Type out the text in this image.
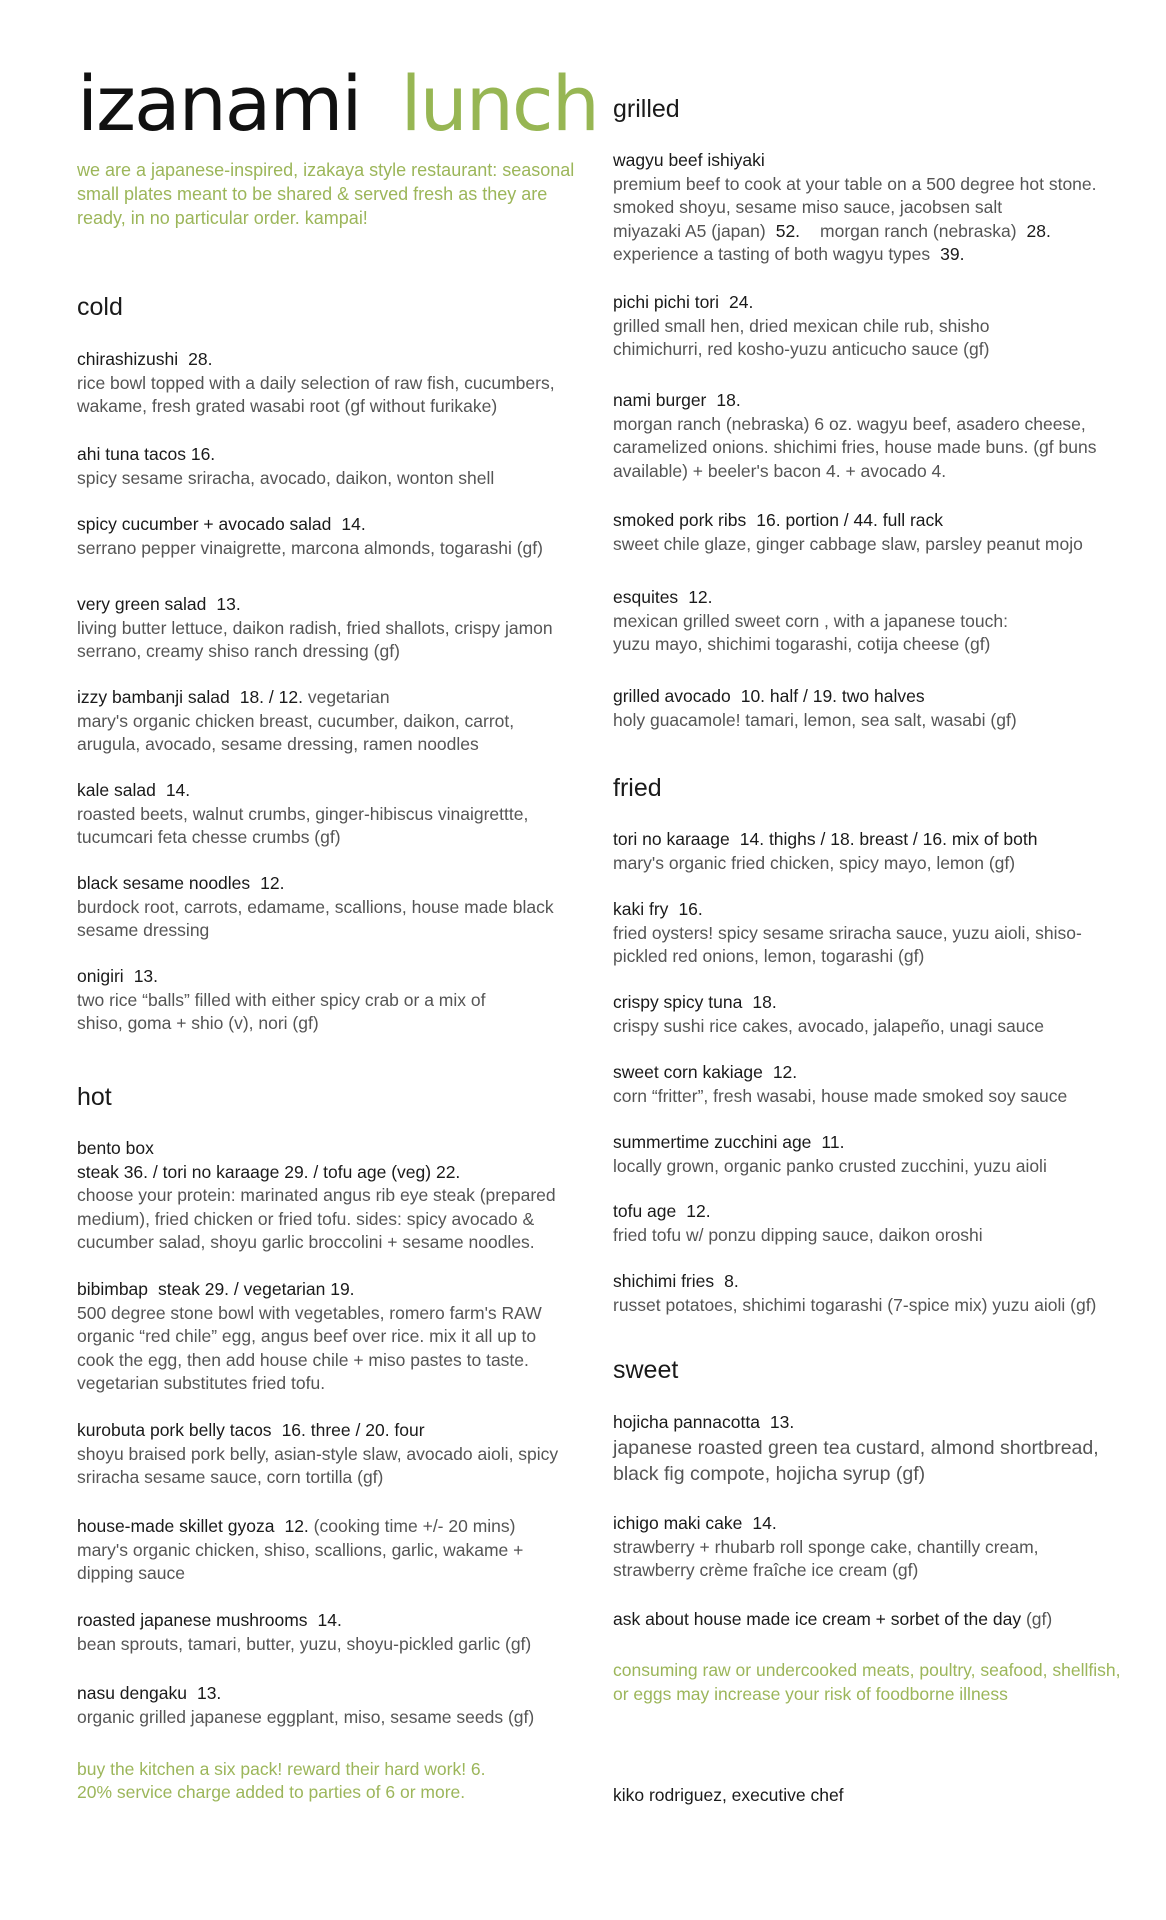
izanami lunch
we are a japanese-inspired, izakaya style restaurant: seasonal small plates meant to be shared & served fresh as they are ready, in no particular order. kampai!
cold
chirashizushi 28.
rice bowl topped with a daily selection of raw fish, cucumbers, wakame, fresh grated wasabi root (gf without furikake)
ahi tuna tacos 16.
spicy sesame sriracha, avocado, daikon, wonton shell
spicy cucumber + avocado salad 14.
serrano pepper vinaigrette, marcona almonds, togarashi (gf)
very green salad 13.
living butter lettuce, daikon radish, fried shallots, crispy jamon serrano, creamy shiso ranch dressing (gf)
izzy bambanji salad 18. / 12. vegetarian
mary's organic chicken breast, cucumber, daikon, carrot, arugula, avocado, sesame dressing, ramen noodles
kale salad 14.
roasted beets, walnut crumbs, ginger-hibiscus vinaigrettte, tucumcari feta chesse crumbs (gf)
black sesame noodles 12.
burdock root, carrots, edamame, scallions, house made black sesame dressing
onigiri 13.
two rice “balls” filled with either spicy crab or a mix of shiso, goma + shio (v), nori (gf)
hot
bento box
steak 36. / tori no karaage 29. / tofu age (veg) 22.
choose your protein: marinated angus rib eye steak (prepared medium), fried chicken or fried tofu. sides: spicy avocado & cucumber salad, shoyu garlic broccolini + sesame noodles.
bibimbap steak 29. / vegetarian 19.
500 degree stone bowl with vegetables, romero farm's RAW organic “red chile” egg, angus beef over rice. mix it all up to cook the egg, then add house chile + miso pastes to taste. vegetarian substitutes fried tofu.
kurobuta pork belly tacos 16. three / 20. four
shoyu braised pork belly, asian-style slaw, avocado aioli, spicy sriracha sesame sauce, corn tortilla (gf)
house-made skillet gyoza 12. (cooking time +/- 20 mins)
mary's organic chicken, shiso, scallions, garlic, wakame + dipping sauce
roasted japanese mushrooms 14.
bean sprouts, tamari, butter, yuzu, shoyu-pickled garlic (gf)
nasu dengaku 13.
organic grilled japanese eggplant, miso, sesame seeds (gf)
buy the kitchen a six pack! reward their hard work! 6.
20% service charge added to parties of 6 or more.
grilled
wagyu beef ishiyaki
premium beef to cook at your table on a 500 degree hot stone. smoked shoyu, sesame miso sauce, jacobsen salt
miyazaki A5 (japan) 52. morgan ranch (nebraska) 28.
experience a tasting of both wagyu types 39.
pichi pichi tori 24.
grilled small hen, dried mexican chile rub, shisho chimichurri, red kosho-yuzu anticucho sauce (gf)
nami burger 18.
morgan ranch (nebraska) 6 oz. wagyu beef, asadero cheese, caramelized onions. shichimi fries, house made buns. (gf buns available) + beeler's bacon 4. + avocado 4.
smoked pork ribs 16. portion / 44. full rack
sweet chile glaze, ginger cabbage slaw, parsley peanut mojo
esquites 12.
mexican grilled sweet corn , with a japanese touch: yuzu mayo, shichimi togarashi, cotija cheese (gf)
grilled avocado 10. half / 19. two halves
holy guacamole! tamari, lemon, sea salt, wasabi (gf)
fried
tori no karaage 14. thighs / 18. breast / 16. mix of both
mary's organic fried chicken, spicy mayo, lemon (gf)
kaki fry 16.
fried oysters! spicy sesame sriracha sauce, yuzu aioli, shiso-pickled red onions, lemon, togarashi (gf)
crispy spicy tuna 18.
crispy sushi rice cakes, avocado, jalapeño, unagi sauce
sweet corn kakiage 12.
corn “fritter”, fresh wasabi, house made smoked soy sauce
summertime zucchini age 11.
locally grown, organic panko crusted zucchini, yuzu aioli
tofu age 12.
fried tofu w/ ponzu dipping sauce, daikon oroshi
shichimi fries 8.
russet potatoes, shichimi togarashi (7-spice mix) yuzu aioli (gf)
sweet
hojicha pannacotta 13.
japanese roasted green tea custard, almond shortbread, black fig compote, hojicha syrup (gf)
ichigo maki cake 14.
strawberry + rhubarb roll sponge cake, chantilly cream, strawberry crème fraîche ice cream (gf)
ask about house made ice cream + sorbet of the day (gf)
consuming raw or undercooked meats, poultry, seafood, shellfish, or eggs may increase your risk of foodborne illness
kiko rodriguez, executive chef
